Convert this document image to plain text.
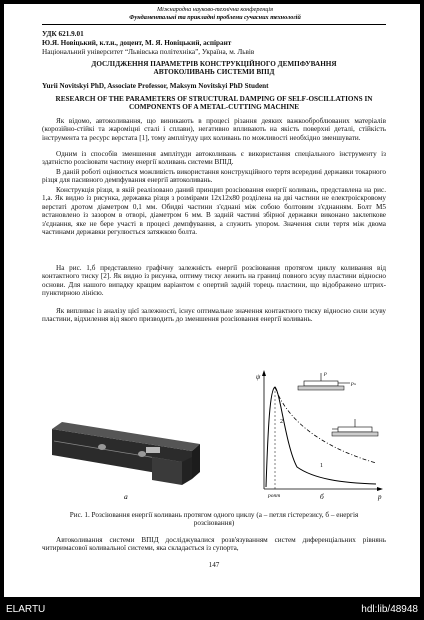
Міжнародна науково-технічна конференція
Фундаментальні та прикладні проблеми сучасних технологій
УДК 621.9.01
Ю.Я. Новіцький, к.т.н., доцент, М. Я. Новіцький, аспірант
Національний університет “Львівська політехніка”, Україна, м. Львів
ДОСЛІДЖЕННЯ ПАРАМЕТРІВ КОНСТРУКЦІЙНОГО ДЕМПФУВАННЯ АВТОКОЛИВАНЬ СИСТЕМИ ВПІД
Yurii Novitskyi PhD, Associate Professor, Maksym Novitskyi PhD Student
RESEARCH OF THE PARAMETERS OF STRUCTURAL DAMPING OF SELF-OSCILLATIONS IN COMPONENTS OF A METAL-CUTTING MACHINE
Як відомо, автоколивання, що виникають в процесі різання деяких важкооброблюваних матеріалів (корозійно-стійкі та жароміцні сталі і сплави), негативно впливають на якість поверхні деталі, стійкість інструмента та ресурс верстата [1], тому амплітуду цих коливань по можливості необхідно зменшувати.
Одним із способів зменшення амплітуди автоколивань є використання спеціального інструменту із здатністю розсіювати частину енергії коливань системи ВПІД.
В даній роботі оцінюється можливість використання конструкційного тертя всередині державки токарного різця для пасивного демпфування енергії автоколивань.
Конструкція різця, в якій реалізовано даний принцип розсіювання енергії коливань, представлена на рис. 1,а. Як видно із рисунка, державка різця з розмірами 12х12х80 розділена на дві частини не електроіскровому верстаті дротом діаметром 0,1 мм. Обидві частини з'єднані між собою болтовим з'єднанням. Болт М5 встановлено із зазором в отворі, діаметром 6 мм. В задній частині збірної державки виконано заклепкове з'єднання, яке не бере участі в процесі демпфування, а служить упором. Значення сили тертя між двома частинами державки регулюється затяжкою болта.
На рис. 1,б представлено графічну залежність енергії розсіювання протягом циклу коливання від контактного тиску [2]. Як видно із рисунка, оптиму тиску лежить на границі повного зсуву пластини відносно основи. Для нашого випадку кращим варіантом є опертий задній торець пластини, що відображено штрих-пунктирною лінією.
Як випливає із аналізу цієї залежності, існує оптимальне значення контактного тиску відносно сили зсуву пластини, відхилення від якого призводить до зменшення розсіювання енергії коливань.
а
ψ
p
pопт
1
2
p
pₛ
б
Рис. 1. Розсіювання енергії коливань протягом одного циклу (а – петля гістерезису, б – енергія розсіювання)
Автоколивання системи ВПІД досліджувалися розв'язуванням систем диференціальних рівнянь читиримасової коливальної системи, яка складається із супорта,
147
ELARTU	hdl:lib/48948
